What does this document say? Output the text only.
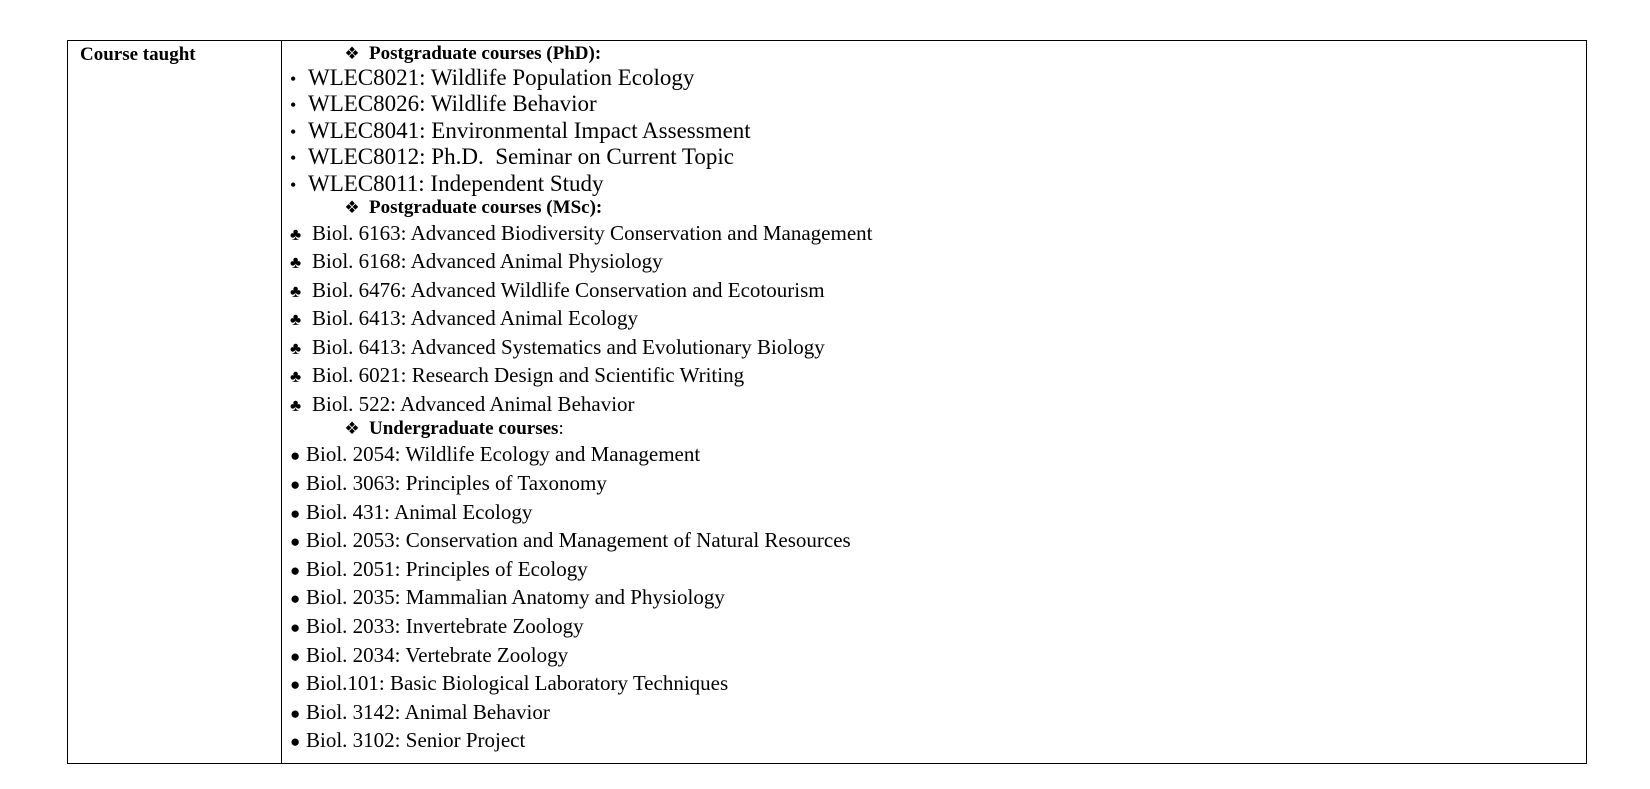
Course taught	❖ Postgraduate courses (PhD):
• WLEC8021: Wildlife Population Ecology
• WLEC8026: Wildlife Behavior
• WLEC8041: Environmental Impact Assessment
• WLEC8012: Ph.D.  Seminar on Current Topic
• WLEC8011: Independent Study
❖ Postgraduate courses (MSc):
♣ Biol. 6163: Advanced Biodiversity Conservation and Management
♣ Biol. 6168: Advanced Animal Physiology
♣ Biol. 6476: Advanced Wildlife Conservation and Ecotourism
♣ Biol. 6413: Advanced Animal Ecology
♣ Biol. 6413: Advanced Systematics and Evolutionary Biology
♣ Biol. 6021: Research Design and Scientific Writing
♣ Biol. 522: Advanced Animal Behavior
❖ Undergraduate courses:
● Biol. 2054: Wildlife Ecology and Management
● Biol. 3063: Principles of Taxonomy
● Biol. 431: Animal Ecology
● Biol. 2053: Conservation and Management of Natural Resources
● Biol. 2051: Principles of Ecology
● Biol. 2035: Mammalian Anatomy and Physiology
● Biol. 2033: Invertebrate Zoology
● Biol. 2034: Vertebrate Zoology
● Biol.101: Basic Biological Laboratory Techniques
● Biol. 3142: Animal Behavior
● Biol. 3102: Senior Project
